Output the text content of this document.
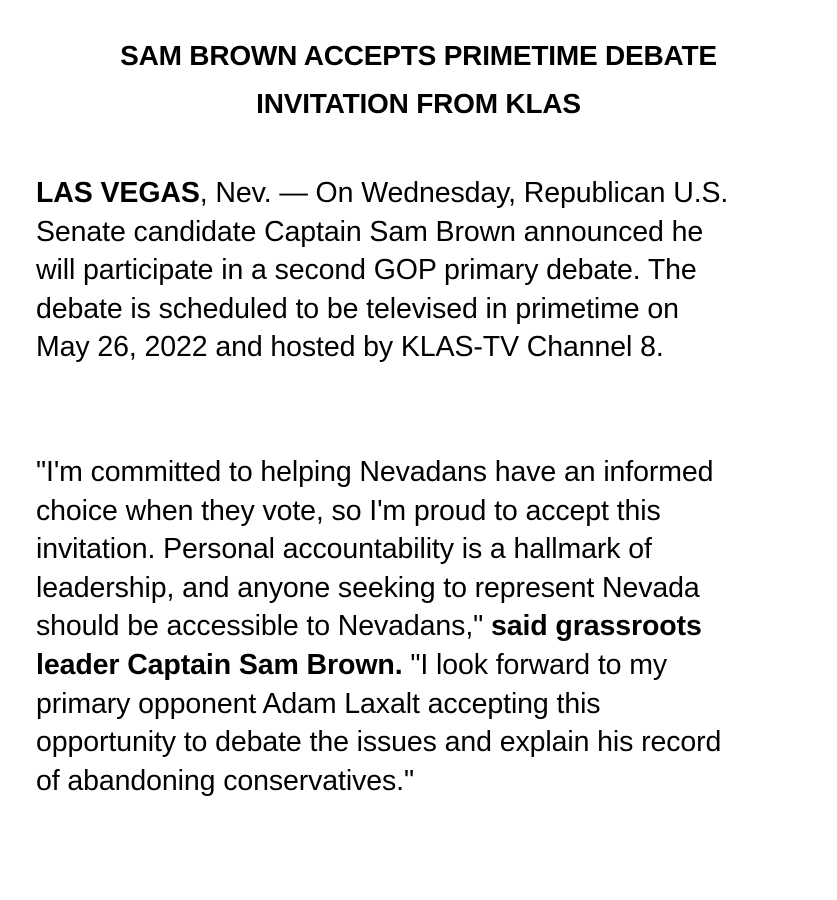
SAM BROWN ACCEPTS PRIMETIME DEBATE
INVITATION FROM KLAS
LAS VEGAS, Nev. — On Wednesday, Republican U.S.
Senate candidate Captain Sam Brown announced he
will participate in a second GOP primary debate. The
debate is scheduled to be televised in primetime on
May 26, 2022 and hosted by KLAS-TV Channel 8.
"I'm committed to helping Nevadans have an informed
choice when they vote, so I'm proud to accept this
invitation. Personal accountability is a hallmark of
leadership, and anyone seeking to represent Nevada
should be accessible to Nevadans," said grassroots
leader Captain Sam Brown. "I look forward to my
primary opponent Adam Laxalt accepting this
opportunity to debate the issues and explain his record
of abandoning conservatives."
